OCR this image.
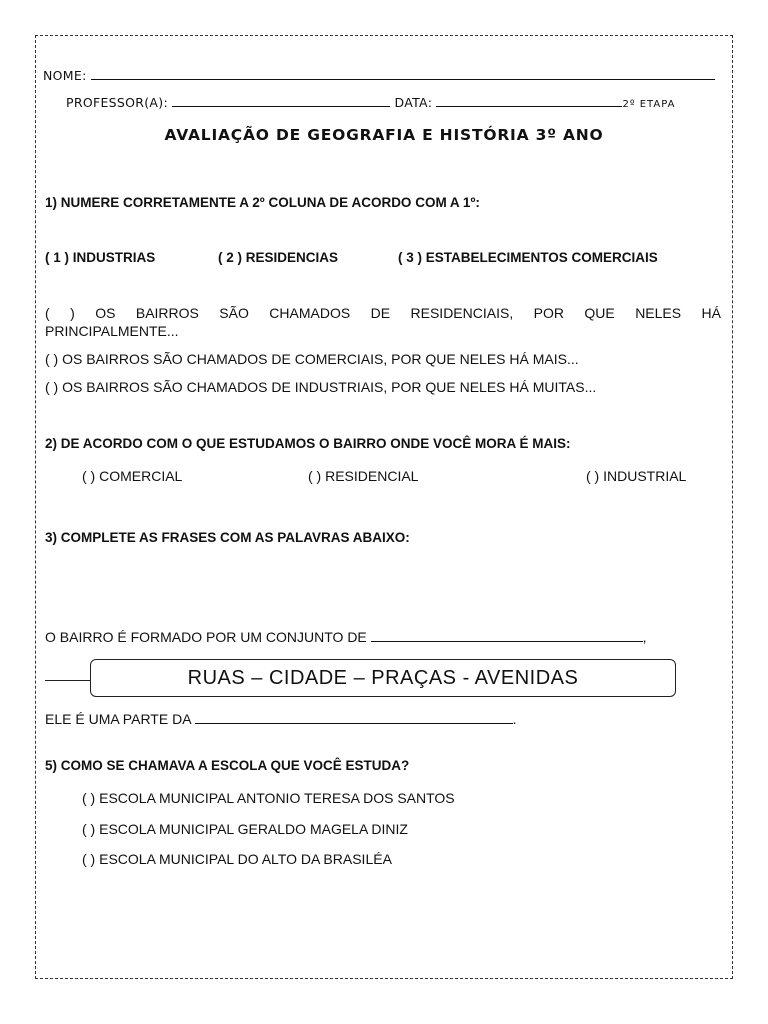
NOME:
PROFESSOR(A):	DATA:	2º ETAPA
AVALIAÇÃO DE GEOGRAFIA E HISTÓRIA 3º ANO
1) NUMERE CORRETAMENTE A 2º COLUNA DE ACORDO COM A 1º:
( 1 ) INDUSTRIAS	( 2 ) RESIDENCIAS	( 3 ) ESTABELECIMENTOS COMERCIAIS
( ) OS BAIRROS SÃO CHAMADOS DE RESIDENCIAIS, POR QUE NELES HÁ
PRINCIPALMENTE...
( ) OS BAIRROS SÃO CHAMADOS DE COMERCIAIS, POR QUE NELES HÁ MAIS...
( ) OS BAIRROS SÃO CHAMADOS DE INDUSTRIAIS, POR QUE NELES HÁ MUITAS...
2) DE ACORDO COM O QUE ESTUDAMOS O BAIRRO ONDE VOCÊ MORA É MAIS:
( ) COMERCIAL	( ) RESIDENCIAL	( ) INDUSTRIAL
3) COMPLETE AS FRASES COM AS PALAVRAS ABAIXO:
O BAIRRO É FORMADO POR UM CONJUNTO DE	,
RUAS – CIDADE – PRAÇAS - AVENIDAS
ELE É UMA PARTE DA	.
5) COMO SE CHAMAVA A ESCOLA QUE VOCÊ ESTUDA?
( ) ESCOLA MUNICIPAL ANTONIO TERESA DOS SANTOS
( ) ESCOLA MUNICIPAL GERALDO MAGELA DINIZ
( ) ESCOLA MUNICIPAL DO ALTO DA BRASILÉA
